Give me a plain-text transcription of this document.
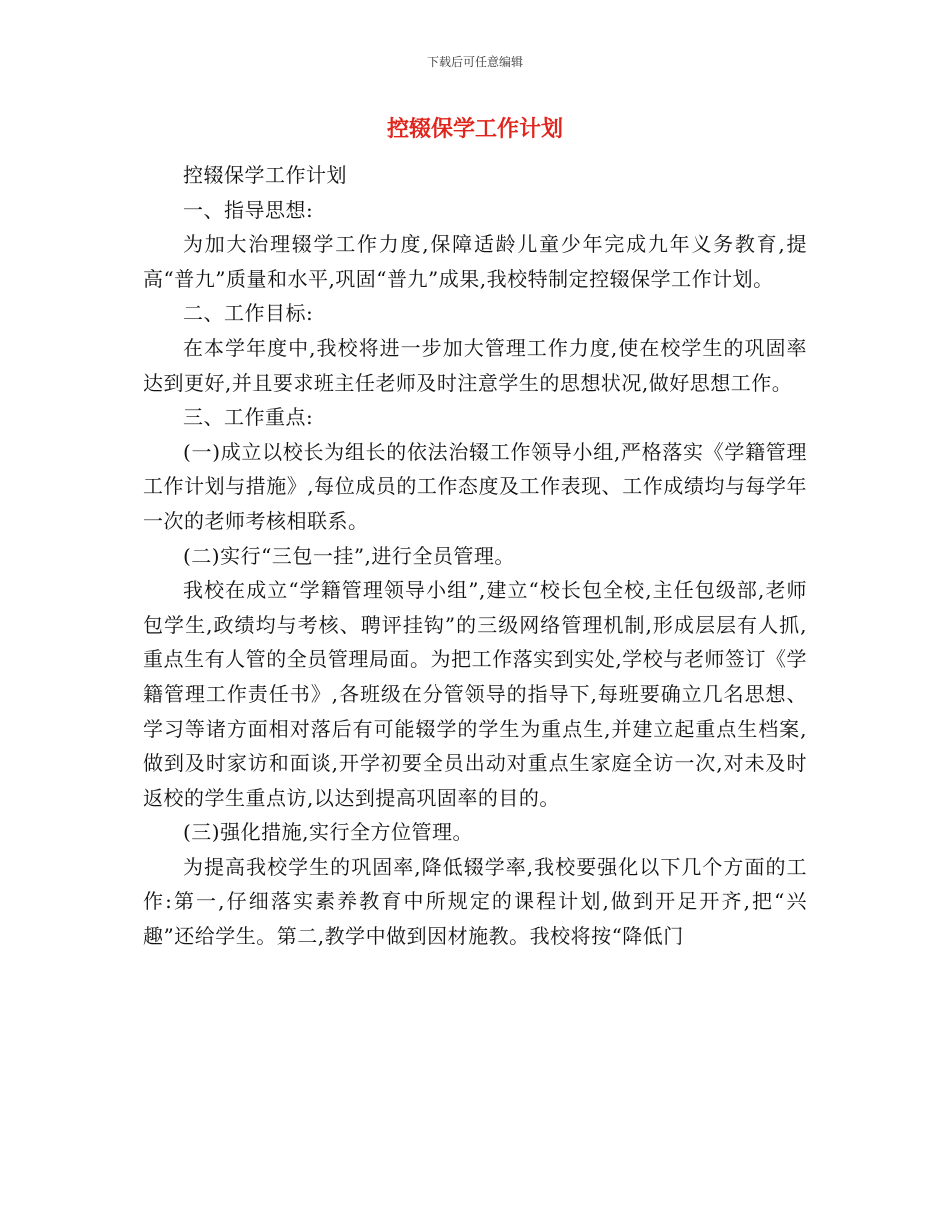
下载后可任意编辑
控辍保学工作计划

控辍保学工作计划

一、指导思想:

为加大治理辍学工作力度,保障适龄儿童少年完成九年义务教育,提高“普九”质量和水平,巩固“普九”成果,我校特制定控辍保学工作计划。

二、工作目标:

在本学年度中,我校将进一步加大管理工作力度,使在校学生的巩固率达到更好,并且要求班主任老师及时注意学生的思想状况,做好思想工作。

三、工作重点:

(一)成立以校长为组长的依法治辍工作领导小组,严格落实《学籍管理工作计划与措施》,每位成员的工作态度及工作表现、工作成绩均与每学年一次的老师考核相联系。

(二)实行“三包一挂”,进行全员管理。

我校在成立“学籍管理领导小组”,建立“校长包全校,主任包级部,老师包学生,政绩均与考核、聘评挂钩”的三级网络管理机制,形成层层有人抓,重点生有人管的全员管理局面。为把工作落实到实处,学校与老师签订《学籍管理工作责任书》,各班级在分管领导的指导下,每班要确立几名思想、学习等诸方面相对落后有可能辍学的学生为重点生,并建立起重点生档案,做到及时家访和面谈,开学初要全员出动对重点生家庭全访一次,对未及时返校的学生重点访,以达到提高巩固率的目的。

(三)强化措施,实行全方位管理。

为提高我校学生的巩固率,降低辍学率,我校要强化以下几个方面的工作:第一,仔细落实素养教育中所规定的课程计划,做到开足开齐,把“兴趣”还给学生。第二,教学中做到因材施教。我校将按“降低门
